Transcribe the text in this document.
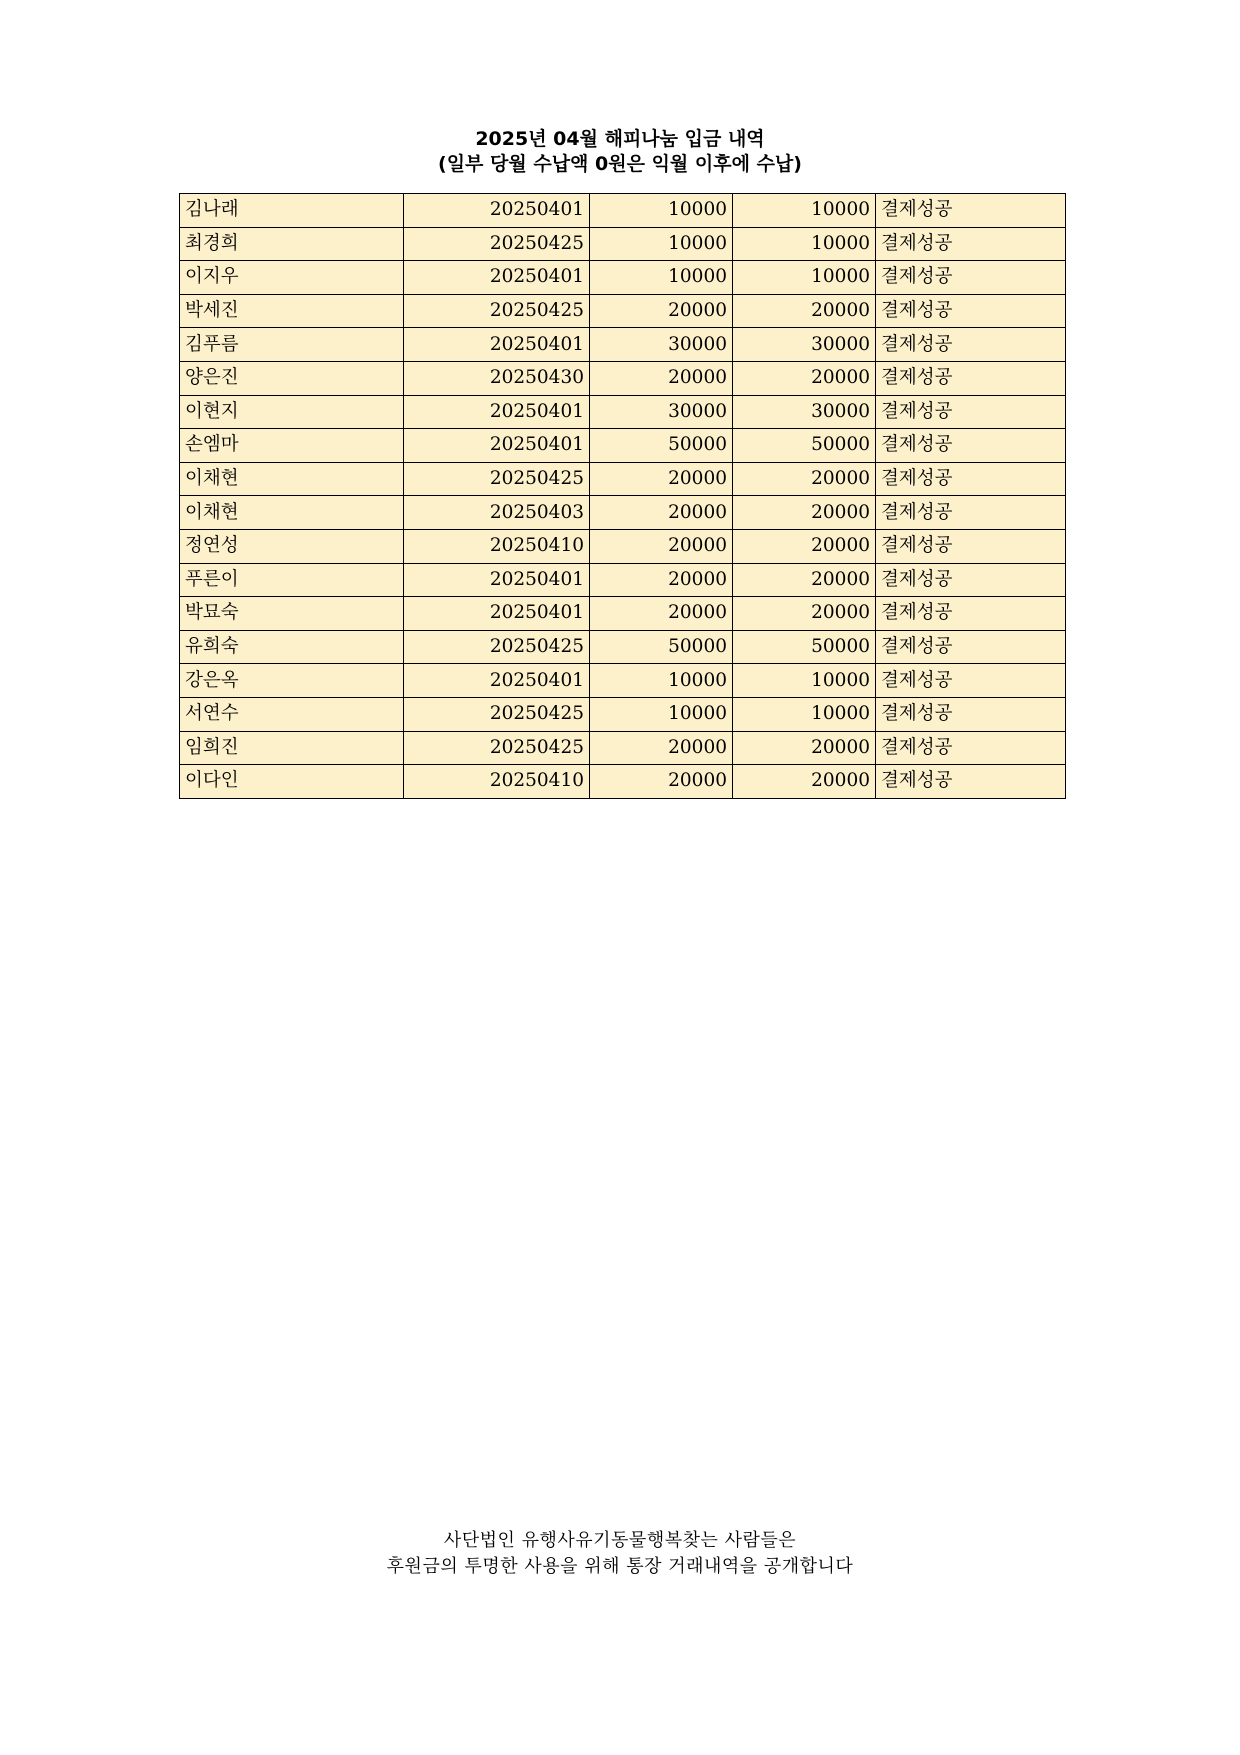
2025년 04월 해피나눔 입금 내역
(일부 당월 수납액 0원은 익월 이후에 수납)
김나래	20250401	10000	10000	결제성공
최경희	20250425	10000	10000	결제성공
이지우	20250401	10000	10000	결제성공
박세진	20250425	20000	20000	결제성공
김푸름	20250401	30000	30000	결제성공
양은진	20250430	20000	20000	결제성공
이현지	20250401	30000	30000	결제성공
손엠마	20250401	50000	50000	결제성공
이채현	20250425	20000	20000	결제성공
이채현	20250403	20000	20000	결제성공
정연성	20250410	20000	20000	결제성공
푸른이	20250401	20000	20000	결제성공
박묘숙	20250401	20000	20000	결제성공
유희숙	20250425	50000	50000	결제성공
강은옥	20250401	10000	10000	결제성공
서연수	20250425	10000	10000	결제성공
임희진	20250425	20000	20000	결제성공
이다인	20250410	20000	20000	결제성공
사단법인 유행사유기동물행복찾는 사람들은
후원금의 투명한 사용을 위해 통장 거래내역을 공개합니다
